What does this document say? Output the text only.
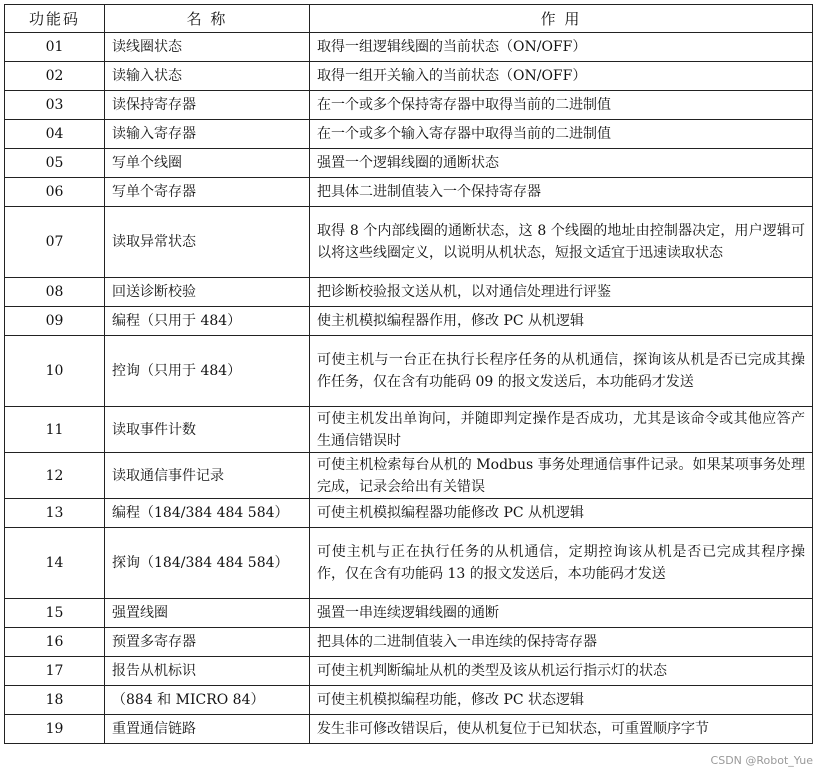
功能码	名 称	作 用
01	读线圈状态	取得一组逻辑线圈的当前状态（ON/OFF）
02	读输入状态	取得一组开关输入的当前状态（ON/OFF）
03	读保持寄存器	在一个或多个保持寄存器中取得当前的二进制值
04	读输入寄存器	在一个或多个输入寄存器中取得当前的二进制值
05	写单个线圈	强置一个逻辑线圈的通断状态
06	写单个寄存器	把具体二进制值装入一个保持寄存器
07	读取异常状态	取得 8 个内部线圈的通断状态，这 8 个线圈的地址由控制器决定，用户逻辑可以将这些线圈定义，以说明从机状态，短报文适宜于迅速读取状态
08	回送诊断校验	把诊断校验报文送从机，以对通信处理进行评鉴
09	编程（只用于 484）	使主机模拟编程器作用，修改 PC 从机逻辑
10	控询（只用于 484）	可使主机与一台正在执行长程序任务的从机通信，探询该从机是否已完成其操作任务，仅在含有功能码 09 的报文发送后，本功能码才发送
11	读取事件计数	可使主机发出单询问，并随即判定操作是否成功，尤其是该命令或其他应答产生通信错误时
12	读取通信事件记录	可使主机检索每台从机的 Modbus 事务处理通信事件记录。如果某项事务处理完成，记录会给出有关错误
13	编程（184/384 484 584）	可使主机模拟编程器功能修改 PC 从机逻辑
14	探询（184/384 484 584）	可使主机与正在执行任务的从机通信，定期控询该从机是否已完成其程序操作，仅在含有功能码 13 的报文发送后，本功能码才发送
15	强置线圈	强置一串连续逻辑线圈的通断
16	预置多寄存器	把具体的二进制值装入一串连续的保持寄存器
17	报告从机标识	可使主机判断编址从机的类型及该从机运行指示灯的状态
18	（884 和 MICRO 84）	可使主机模拟编程功能，修改 PC 状态逻辑
19	重置通信链路	发生非可修改错误后，使从机复位于已知状态，可重置顺序字节
CSDN @Robot_Yue
